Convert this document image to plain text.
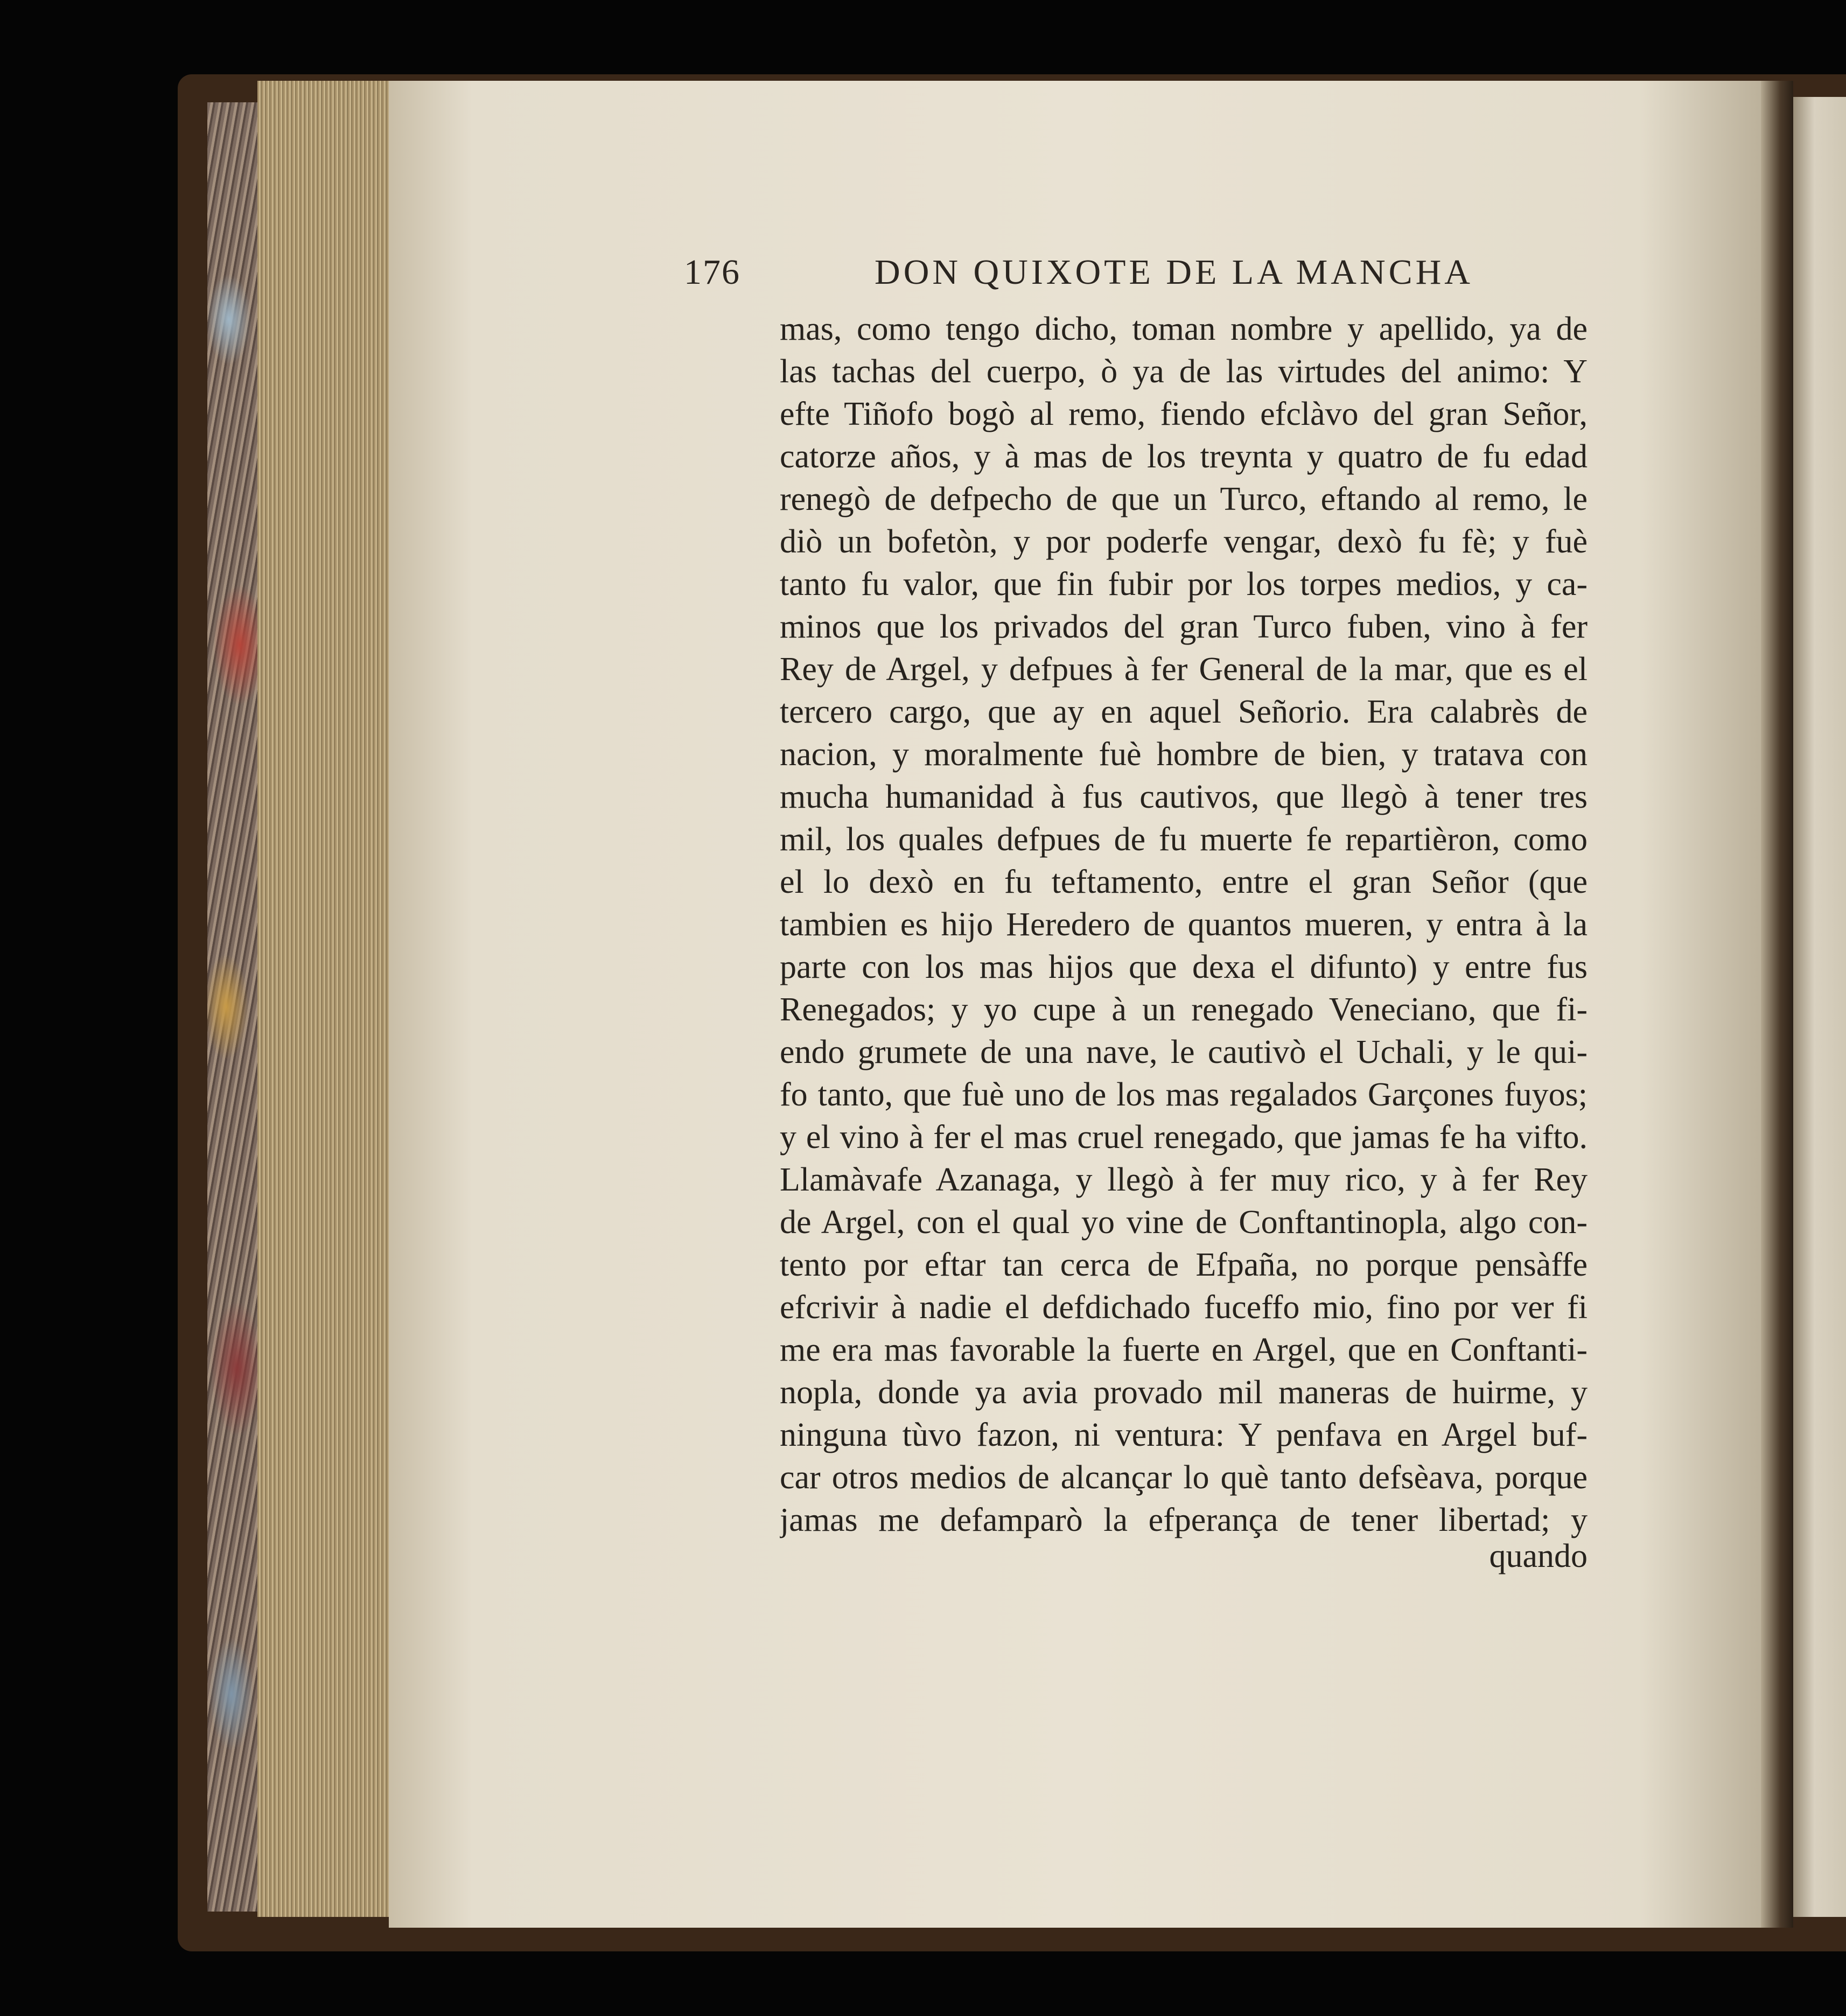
176	DON QUIXOTE DE LA MANCHA
mas, como tengo dicho, toman nombre y apellido, ya de
las tachas del cuerpo, ò ya de las virtudes del animo: Y
efte Tiñofo bogò al remo, fiendo efclàvo del gran Señor,
catorze años, y à mas de los treynta y quatro de fu edad
renegò de defpecho de que un Turco, eftando al remo, le
diò un bofetòn, y por poderfe vengar, dexò fu fè; y fuè
tanto fu valor, que fin fubir por los torpes medios, y ca-
minos que los privados del gran Turco fuben, vino à fer
Rey de Argel, y defpues à fer General de la mar, que es el
tercero cargo, que ay en aquel Señorio. Era calabrès de
nacion, y moralmente fuè hombre de bien, y tratava con
mucha humanidad à fus cautivos, que llegò à tener tres
mil, los quales defpues de fu muerte fe repartièron, como
el lo dexò en fu teftamento, entre el gran Señor (que
tambien es hijo Heredero de quantos mueren, y entra à la
parte con los mas hijos que dexa el difunto) y entre fus
Renegados; y yo cupe à un renegado Veneciano, que fi-
endo grumete de una nave, le cautivò el Uchali, y le qui-
fo tanto, que fuè uno de los mas regalados Garçones fuyos;
y el vino à fer el mas cruel renegado, que jamas fe ha vifto.
Llamàvafe Azanaga, y llegò à fer muy rico, y à fer Rey
de Argel, con el qual yo vine de Conftantinopla, algo con-
tento por eftar tan cerca de Efpaña, no porque pensàffe
efcrivir à nadie el defdichado fuceffo mio, fino por ver fi
me era mas favorable la fuerte en Argel, que en Conftanti-
nopla, donde ya avia provado mil maneras de huirme, y
ninguna tùvo fazon, ni ventura: Y penfava en Argel buf-
car otros medios de alcançar lo què tanto defsèava, porque
jamas me defamparò la efperança de tener libertad; y
quando
